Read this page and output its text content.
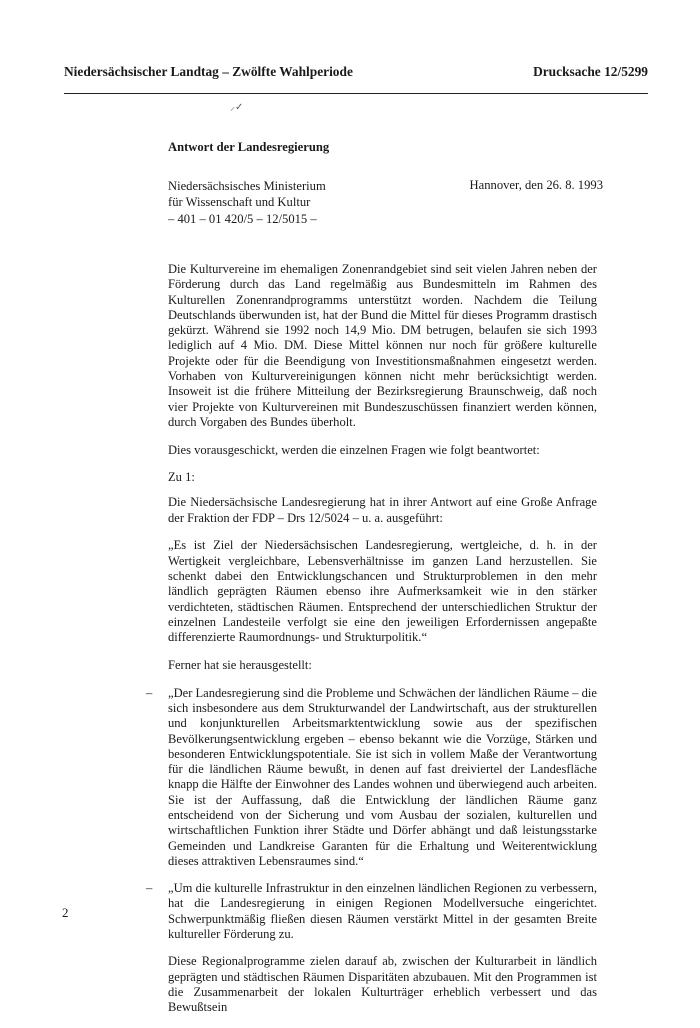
Niedersächsischer Landtag – Zwölfte Wahlperiode	Drucksache 12/5299
⸝✓
Antwort der Landesregierung
Niedersächsisches Ministerium
für Wissenschaft und Kultur
– 401 – 01 420/5 – 12/5015 –
Hannover, den 26. 8. 1993

Die Kulturvereine im ehemaligen Zonenrandgebiet sind seit vielen Jahren neben der Förderung durch das Land regelmäßig aus Bundesmitteln im Rahmen des Kulturellen Zonenrandprogramms unterstützt worden. Nachdem die Teilung Deutschlands überwunden ist, hat der Bund die Mittel für dieses Programm drastisch gekürzt. Während sie 1992 noch 14,9 Mio. DM betrugen, belaufen sie sich 1993 lediglich auf 4 Mio. DM. Diese Mittel können nur noch für größere kulturelle Projekte oder für die Beendigung von Investitionsmaßnahmen eingesetzt werden. Vorhaben von Kulturvereinigungen können nicht mehr berücksichtigt werden. Insoweit ist die frühere Mitteilung der Bezirksregierung Braunschweig, daß noch vier Projekte von Kulturvereinen mit Bundeszuschüssen finanziert werden können, durch Vorgaben des Bundes überholt.

Dies vorausgeschickt, werden die einzelnen Fragen wie folgt beantwortet:

Zu 1:

Die Niedersächsische Landesregierung hat in ihrer Antwort auf eine Große Anfrage der Fraktion der FDP – Drs 12/5024 – u. a. ausgeführt:

„Es ist Ziel der Niedersächsischen Landesregierung, wertgleiche, d. h. in der Wertigkeit vergleichbare, Lebensverhältnisse im ganzen Land herzustellen. Sie schenkt dabei den Entwicklungschancen und Strukturproblemen in den mehr ländlich geprägten Räumen ebenso ihre Aufmerksamkeit wie in den stärker verdichteten, städtischen Räumen. Entsprechend der unterschiedlichen Struktur der einzelnen Landesteile verfolgt sie eine den jeweiligen Erfordernissen angepaßte differenzierte Raumordnungs- und Strukturpolitik.“

Ferner hat sie herausgestellt:

– „Der Landesregierung sind die Probleme und Schwächen der ländlichen Räume – die sich insbesondere aus dem Strukturwandel der Landwirtschaft, aus der strukturellen und konjunkturellen Arbeitsmarktentwicklung sowie aus der spezifischen Bevölkerungsentwicklung ergeben – ebenso bekannt wie die Vorzüge, Stärken und besonderen Entwicklungspotentiale. Sie ist sich in vollem Maße der Verantwortung für die ländlichen Räume bewußt, in denen auf fast dreiviertel der Landesfläche knapp die Hälfte der Einwohner des Landes wohnen und überwiegend auch arbeiten. Sie ist der Auffassung, daß die Entwicklung der ländlichen Räume ganz entscheidend von der Sicherung und vom Ausbau der sozialen, kulturellen und wirtschaftlichen Funktion ihrer Städte und Dörfer abhängt und daß leistungsstarke Gemeinden und Landkreise Garanten für die Erhaltung und Weiterentwicklung dieses attraktiven Lebensraumes sind.“

– „Um die kulturelle Infrastruktur in den einzelnen ländlichen Regionen zu verbessern, hat die Landesregierung in einigen Regionen Modellversuche eingerichtet. Schwerpunktmäßig fließen diesen Räumen verstärkt Mittel in der gesamten Breite kultureller Förderung zu.

Diese Regionalprogramme zielen darauf ab, zwischen der Kulturarbeit in ländlich geprägten und städtischen Räumen Disparitäten abzubauen. Mit den Programmen ist die Zusammenarbeit der lokalen Kulturträger erheblich verbessert und das Bewußtsein

2
